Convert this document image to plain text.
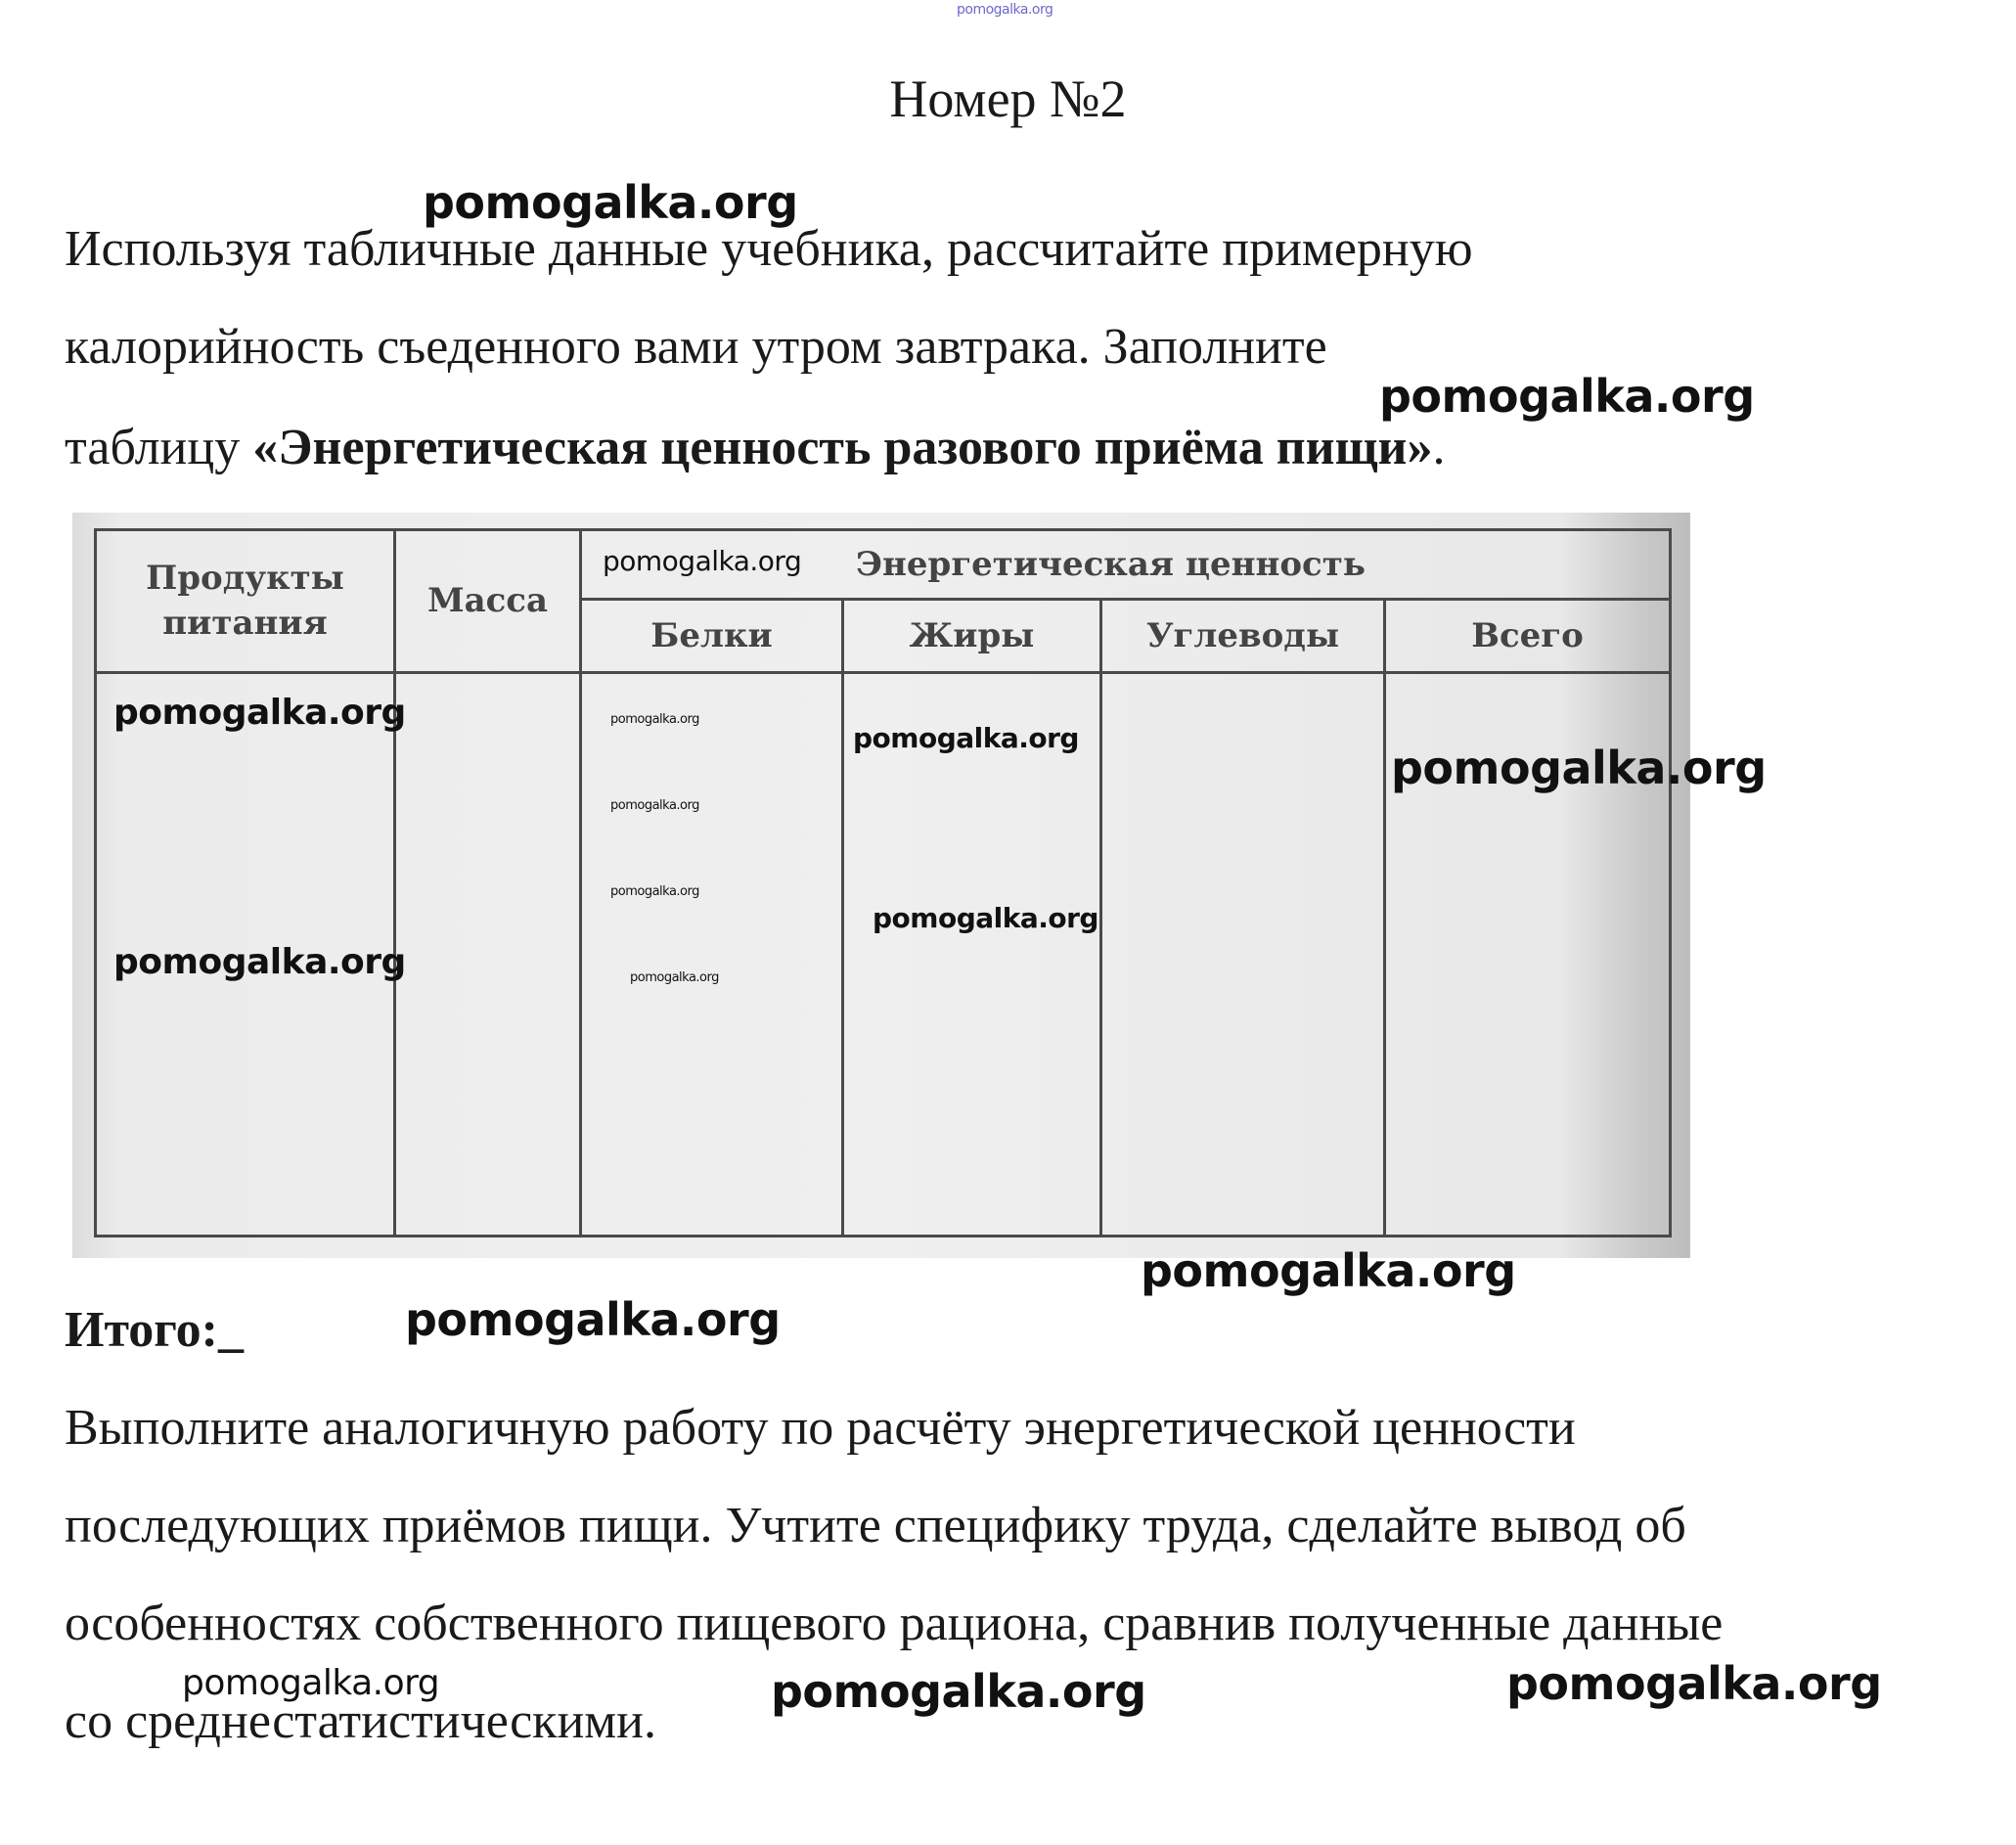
pomogalka.org
Номер №2
Используя табличные данные учебника, рассчитайте примерную
калорийность съеденного вами утром завтрака. Заполните
таблицу «Энергетическая ценность разового приёма пищи».
Продукты питания	Масса	Энергетическая ценность			
		Белки	Жиры	Углеводы	Всего

Итого:_
Выполните аналогичную работу по расчёту энергетической ценности
последующих приёмов пищи. Учтите специфику труда, сделайте вывод об
особенностях собственного пищевого рациона, сравнив полученные данные
со среднестатистическими.
pomogalka.org
pomogalka.org
pomogalka.org
pomogalka.org	pomogalka.org
pomogalka.org
pomogalka.org
pomogalka.org
pomogalka.org
pomogalka.org
pomogalka.org	pomogalka.org
pomogalka.org
pomogalka.org
pomogalka.org	pomogalka.org	pomogalka.org
